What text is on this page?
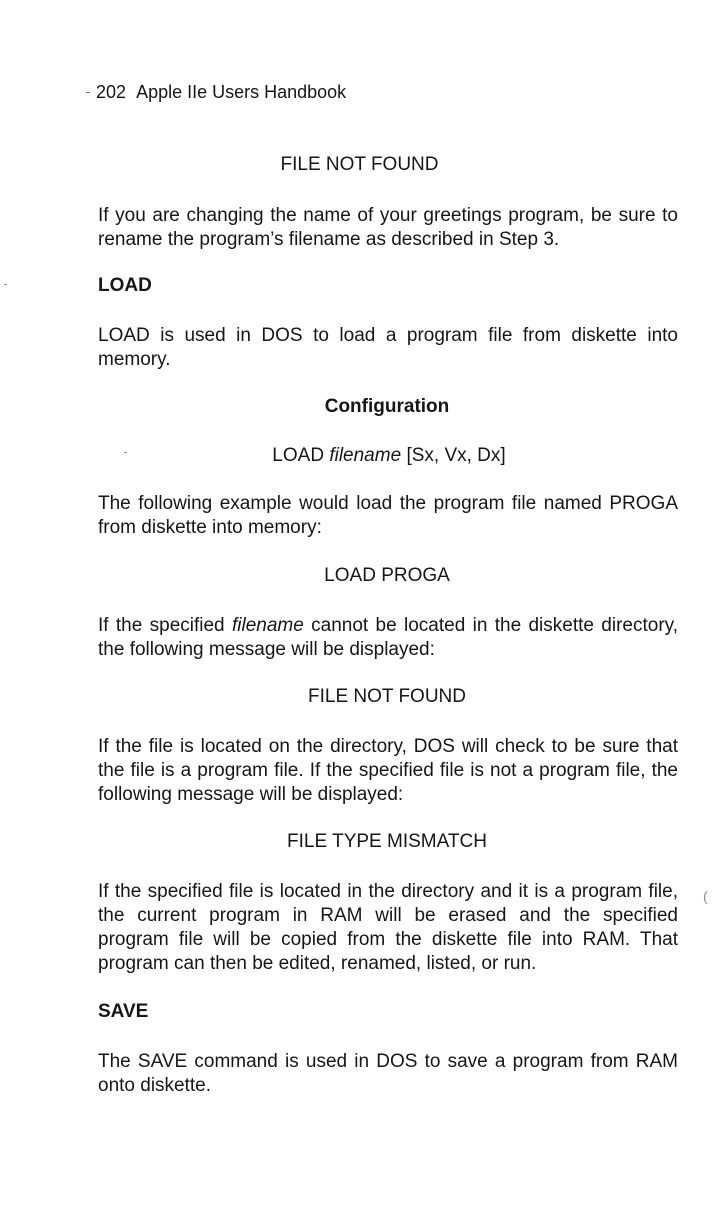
(
202 Apple IIe Users Handbook
FILE NOT FOUND

If you are changing the name of your greetings program, be sure to rename the program’s filename as described in Step 3.

LOAD

LOAD is used in DOS to load a program file from diskette into memory.

Configuration
LOAD filename [Sx, Vx, Dx]

The following example would load the program file named PROGA from diskette into memory:

LOAD PROGA

If the specified filename cannot be located in the diskette directory, the following message will be displayed:

FILE NOT FOUND

If the file is located on the directory, DOS will check to be sure that the file is a program file. If the specified file is not a program file, the following message will be displayed:

FILE TYPE MISMATCH

If the specified file is located in the directory and it is a program file, the current program in RAM will be erased and the specified program file will be copied from the diskette file into RAM. That program can then be edited, renamed, listed, or run.

SAVE

The SAVE command is used in DOS to save a program from RAM onto diskette.
